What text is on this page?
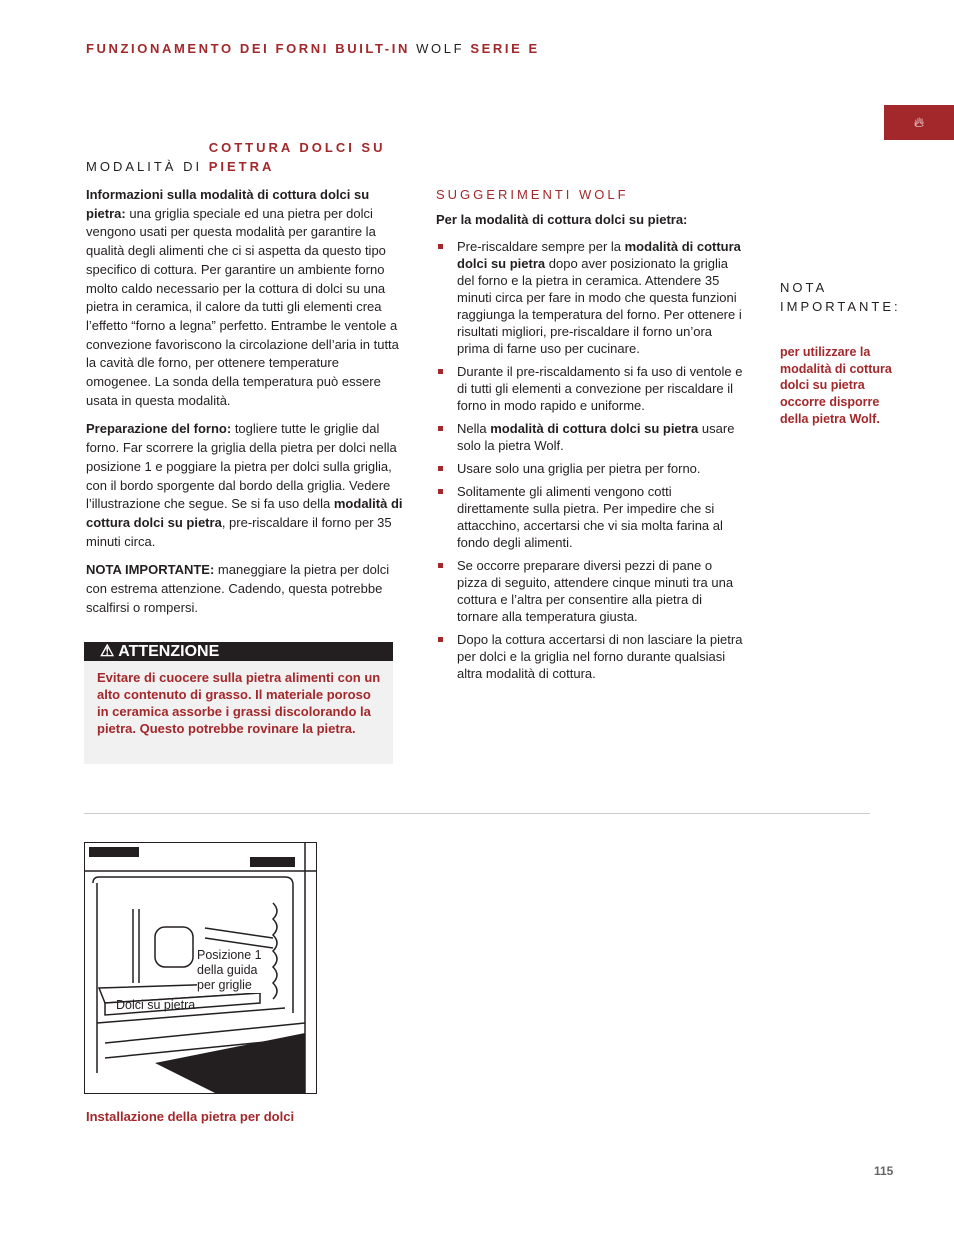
FUNZIONAMENTO DEI FORNI BUILT-IN WOLF SERIE E
🔥︎
MODALITÀ DI COTTURA DOLCI SU PIETRA

Informazioni sulla modalità di cottura dolci su pietra: una griglia speciale ed una pietra per dolci vengono usati per questa modalità per garantire la qualità degli alimenti che ci si aspetta da questo tipo specifico di cottura. Per garantire un ambiente forno molto caldo necessario per la cottura di dolci su una pietra in ceramica, il calore da tutti gli elementi crea l’effetto “forno a legna” perfetto. Entrambe le ventole a convezione favoriscono la circolazione dell’aria in tutta la cavità dle forno, per ottenere temperature omogenee. La sonda della temperatura può essere usata in questa modalità.

Preparazione del forno: togliere tutte le griglie dal forno. Far scorrere la griglia della pietra per dolci nella posizione 1 e poggiare la pietra per dolci sulla griglia, con il bordo sporgente dal bordo della griglia. Vedere l’illustrazione che segue. Se si fa uso della modalità di cottura dolci su pietra, pre-riscaldare il forno per 35 minuti circa.

NOTA IMPORTANTE: maneggiare la pietra per dolci con estrema attenzione. Cadendo, questa potrebbe scalfirsi o rompersi.

⚠ ATTENZIONE
Evitare di cuocere sulla pietra alimenti con un alto contenuto di grasso. Il materiale poroso in ceramica assorbe i grassi discolorando la pietra. Questo potrebbe rovinare la pietra.
SUGGERIMENTI WOLF
Per la modalità di cottura dolci su pietra:
Pre-riscaldare sempre per la modalità di cottura dolci su pietra dopo aver posizionato la griglia del forno e la pietra in ceramica. Attendere 35 minuti circa per fare in modo che questa funzioni raggiunga la temperatura del forno. Per ottenere i risultati migliori, pre-riscaldare il forno un’ora prima di farne uso per cucinare.
Durante il pre-riscaldamento si fa uso di ventole e di tutti gli elementi a convezione per riscaldare il forno in modo rapido e uniforme.
Nella modalità di cottura dolci su pietra usare solo la pietra Wolf.
Usare solo una griglia per pietra per forno.
Solitamente gli alimenti vengono cotti direttamente sulla pietra. Per impedire che si attacchino, accertarsi che vi sia molta farina al fondo degli alimenti.
Se occorre preparare diversi pezzi di pane o pizza di seguito, attendere cinque minuti tra una cottura e l’altra per consentire alla pietra di tornare alla temperatura giusta.
Dopo la cottura accertarsi di non lasciare la pietra per dolci e la griglia nel forno durante qualsiasi altra modalità di cottura.
NOTA
IMPORTANTE:
per utilizzare la modalità di cottura dolci su pietra occorre disporre della pietra Wolf.
Posizione 1
della guida
per griglie
Dolci su pietra
Installazione della pietra per dolci
115
